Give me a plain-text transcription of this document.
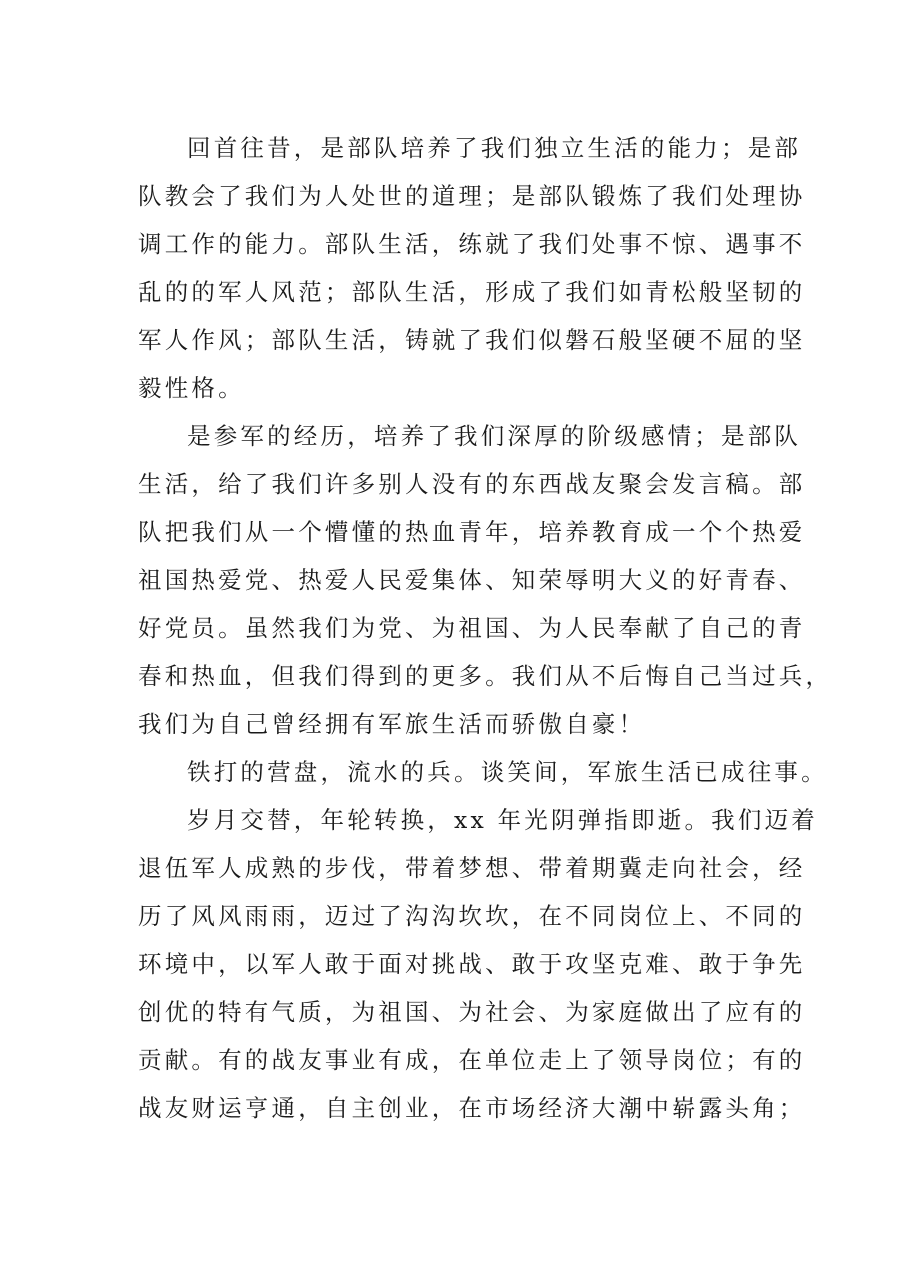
回首往昔，是部队培养了我们独立生活的能力；是部
队教会了我们为人处世的道理；是部队锻炼了我们处理协
调工作的能力。部队生活，练就了我们处事不惊、遇事不
乱的的军人风范；部队生活，形成了我们如青松般坚韧的
军人作风；部队生活，铸就了我们似磐石般坚硬不屈的坚
毅性格。
是参军的经历，培养了我们深厚的阶级感情；是部队
生活，给了我们许多别人没有的东西战友聚会发言稿。部
队把我们从一个懵懂的热血青年，培养教育成一个个热爱
祖国热爱党、热爱人民爱集体、知荣辱明大义的好青春、
好党员。虽然我们为党、为祖国、为人民奉献了自己的青
春和热血，但我们得到的更多。我们从不后悔自己当过兵，
我们为自己曾经拥有军旅生活而骄傲自豪！
铁打的营盘，流水的兵。谈笑间，军旅生活已成往事。
岁月交替，年轮转换，xx 年光阴弹指即逝。我们迈着
退伍军人成熟的步伐，带着梦想、带着期冀走向社会，经
历了风风雨雨，迈过了沟沟坎坎，在不同岗位上、不同的
环境中，以军人敢于面对挑战、敢于攻坚克难、敢于争先
创优的特有气质，为祖国、为社会、为家庭做出了应有的
贡献。有的战友事业有成，在单位走上了领导岗位；有的
战友财运亨通，自主创业，在市场经济大潮中崭露头角；
